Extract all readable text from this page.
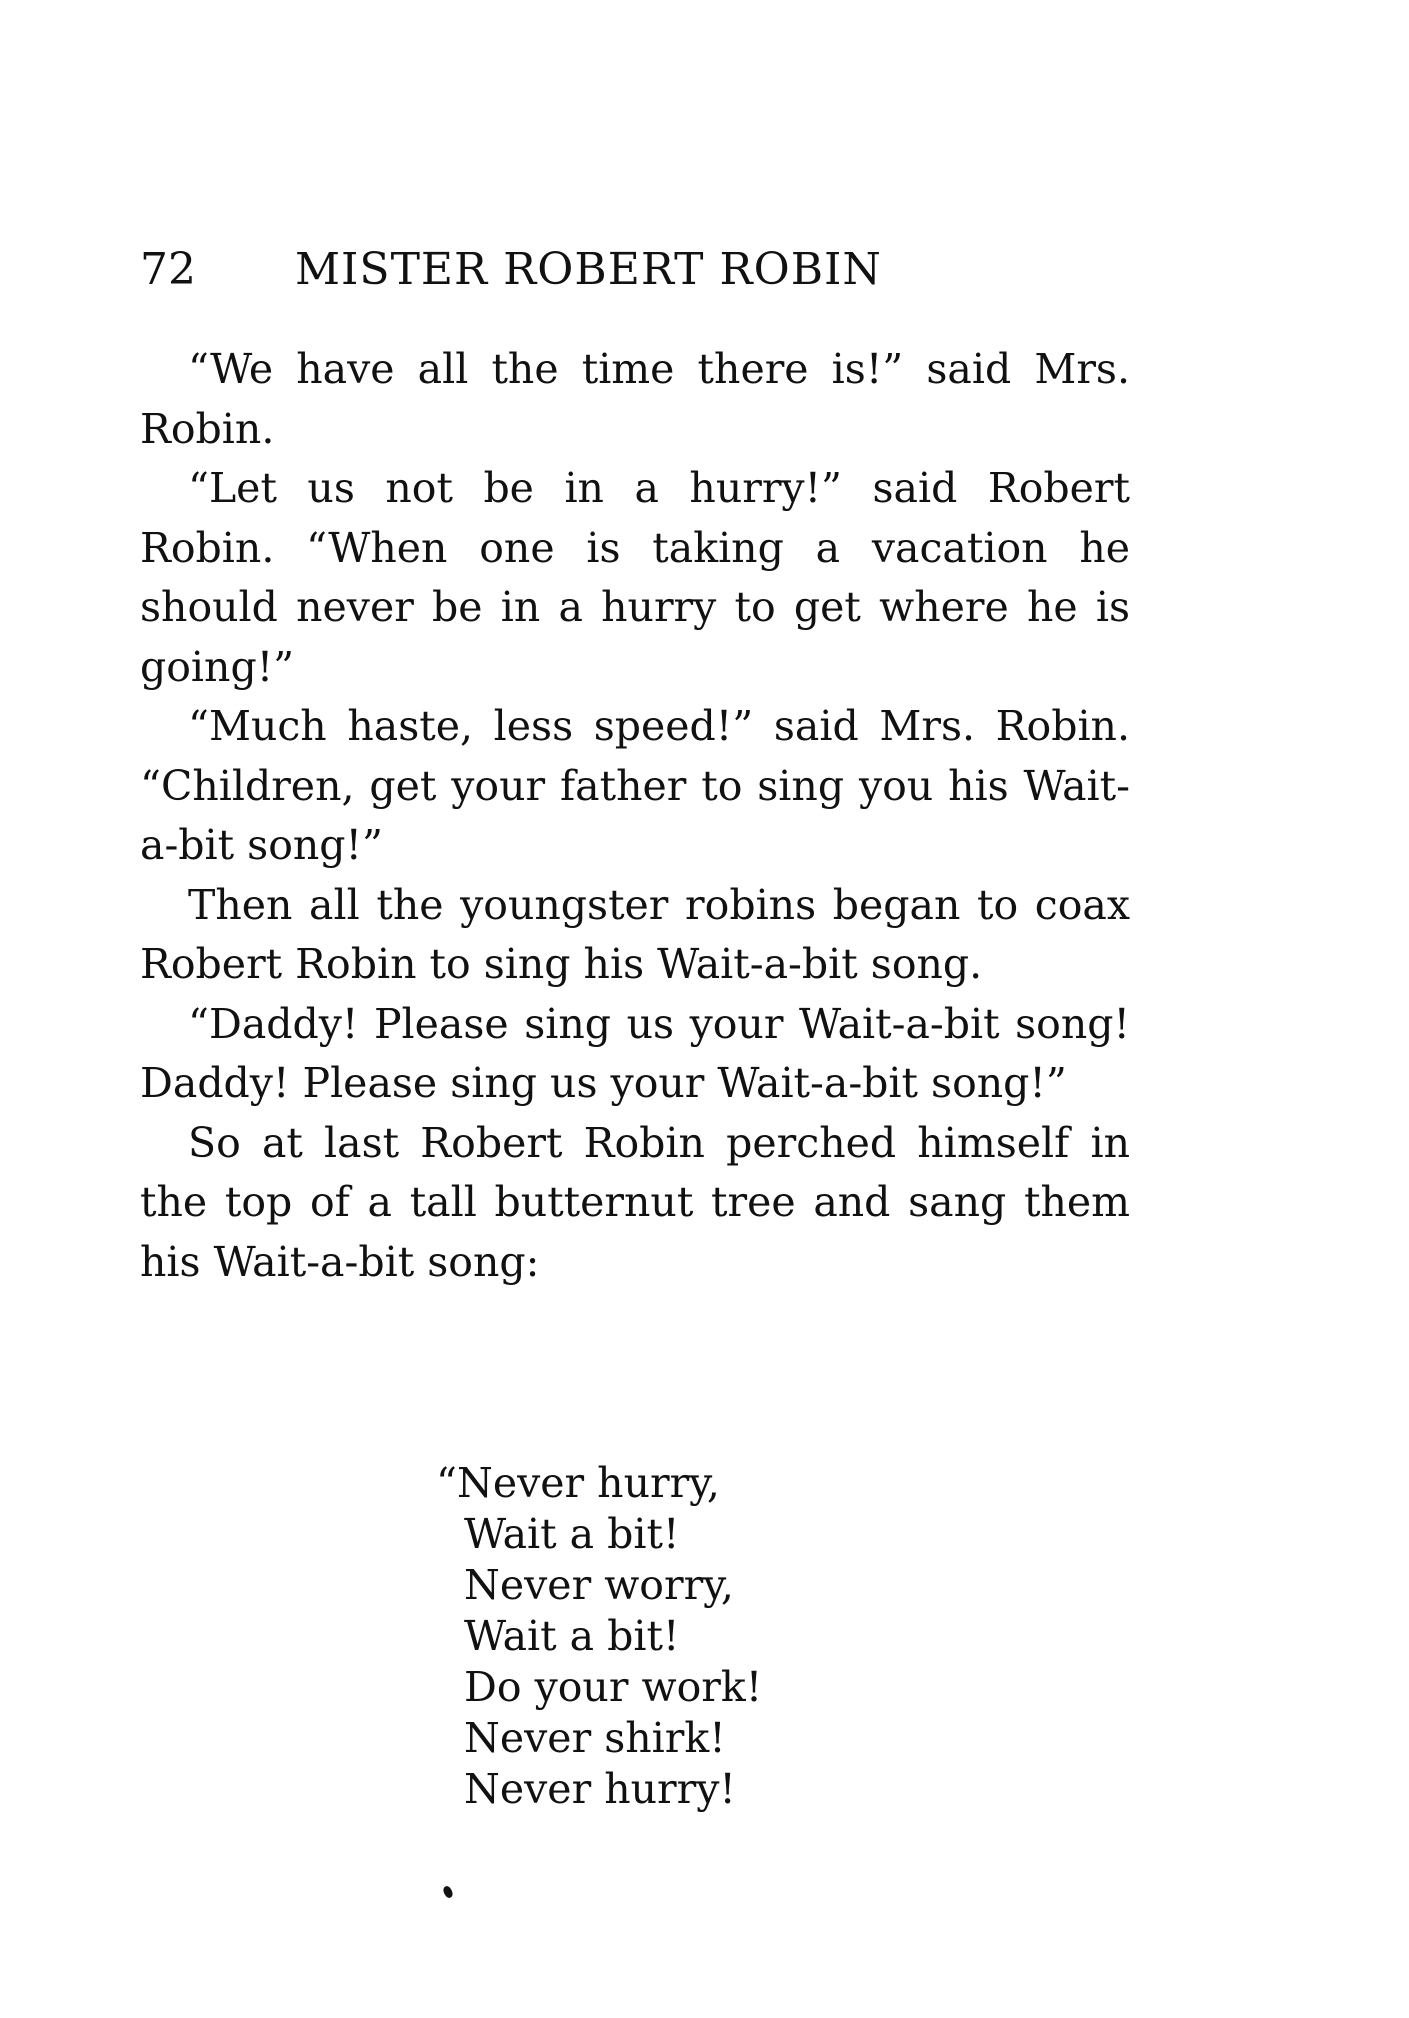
72 MISTER ROBERT ROBIN

“We have all the time there is!” said Mrs. Robin.

“Let us not be in a hurry!” said Robert Robin. “When one is taking a vacation he should never be in a hurry to get where he is going!”

“Much haste, less speed!” said Mrs. Robin. “Children, get your father to sing you his Wait-a-bit song!”

Then all the youngster robins began to coax Robert Robin to sing his Wait-a-bit song.

“Daddy! Please sing us your Wait-a-bit song! Daddy! Please sing us your Wait-a-bit song!”

So at last Robert Robin perched himself in the top of a tall butternut tree and sang them his Wait-a-bit song:

“Never hurry,
Wait a bit!
Never worry,
Wait a bit!
Do your work!
Never shirk!
Never hurry!
